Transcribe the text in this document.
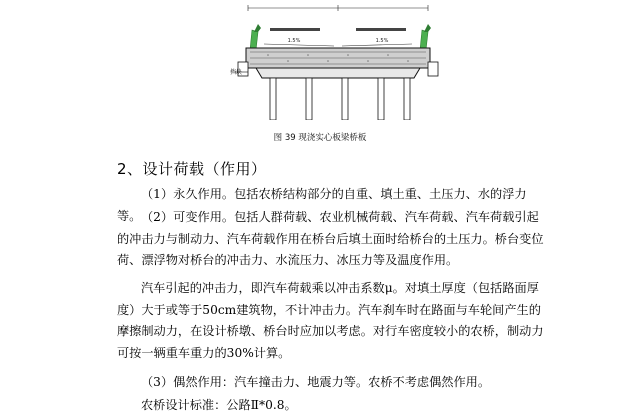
1.5%	1.5%
挡块
图 39 现浇实心板梁桥板
2、设计荷载（作用）
（1）永久作用。包括农桥结构部分的自重、填土重、土压力、水的浮力等。 （2）可变作用。包括人群荷载、农业机械荷载、汽车荷载、汽车荷载引起的冲击力与制动力、汽车荷载作用在桥台后填土面时给桥台的土压力。桥台变位荷、漂浮物对桥台的冲击力、水流压力、冰压力等及温度作用。
汽车引起的冲击力，即汽车荷载乘以冲击系数μ。对填土厚度（包括路面厚度）大于或等于50cm建筑物，不计冲击力。汽车刹车时在路面与车轮间产生的摩擦制动力，在设计桥墩、桥台时应加以考虑。对行车密度较小的农桥，制动力可按一辆重车重力的30%计算。
（3）偶然作用：汽车撞击力、地震力等。农桥不考虑偶然作用。
农桥设计标准：公路Ⅱ*0.8。
